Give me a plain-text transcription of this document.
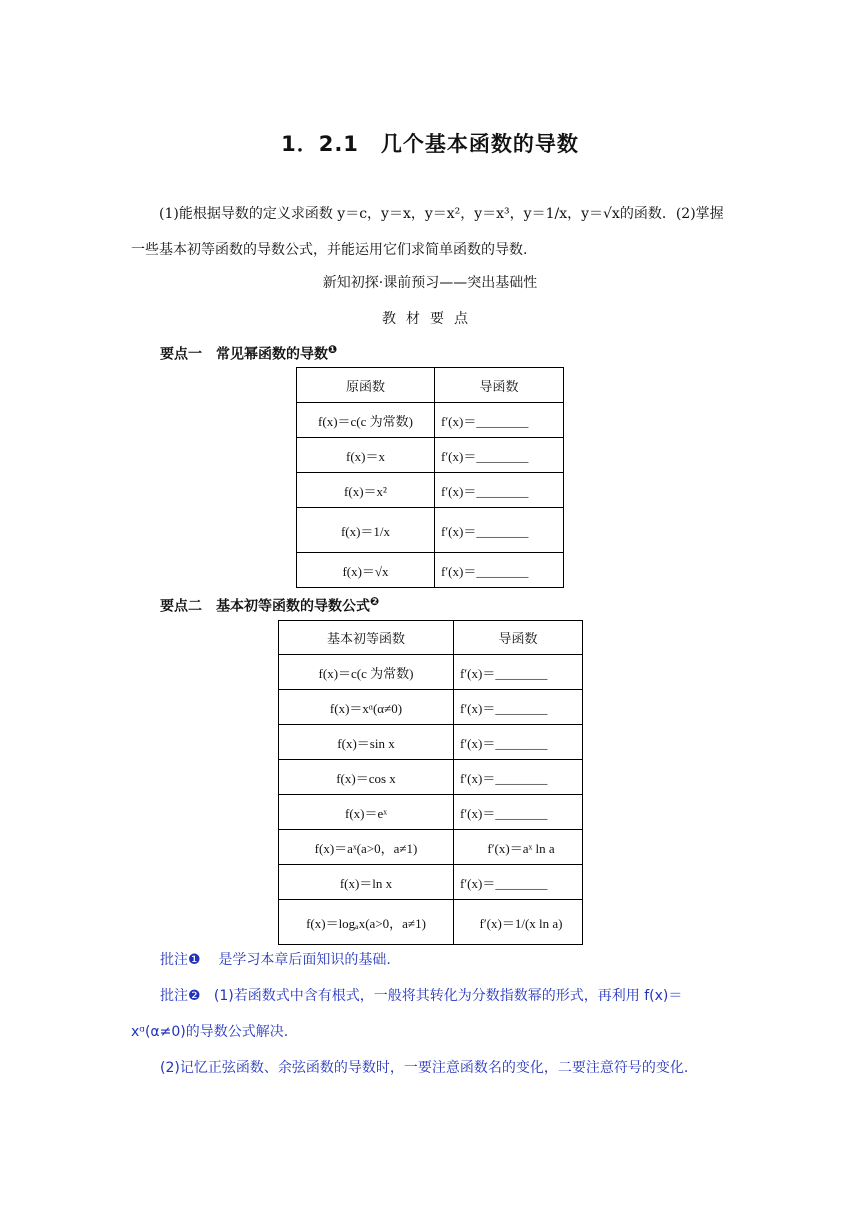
1．2.1　几个基本函数的导数
(1)能根据导数的定义求函数 y＝c，y＝x，y＝x²，y＝x³，y＝1/x，y＝√x的函数．(2)掌握
一些基本初等函数的导数公式，并能运用它们求简单函数的导数.
新知初探·课前预习——突出基础性
教材要点
要点一　常见幂函数的导数$^❶$
原函数	导函数
f(x)＝c(c 为常数)	f′(x)＝________
f(x)＝x	f′(x)＝________
f(x)＝x²	f′(x)＝________
f(x)＝1/x	f′(x)＝________
f(x)＝√x	f′(x)＝________
要点二　基本初等函数的导数公式$^❷$
基本初等函数	导函数
f(x)＝c(c 为常数)	f′(x)＝________
f(x)＝xᵅ(α≠0)	f′(x)＝________
f(x)＝sin x	f′(x)＝________
f(x)＝cos x	f′(x)＝________
f(x)＝eˣ	f′(x)＝________
f(x)＝aˣ(a>0，a≠1)	f′(x)＝aˣ ln a
f(x)＝ln x	f′(x)＝________
f(x)＝logₐx(a>0，a≠1)	f′(x)＝1/(x ln a)
批注❶ 是学习本章后面知识的基础.
批注❷ (1)若函数式中含有根式，一般将其转化为分数指数幂的形式，再利用 f(x)＝
xᵅ(α≠0)的导数公式解决.
(2)记忆正弦函数、余弦函数的导数时，一要注意函数名的变化，二要注意符号的变化.
